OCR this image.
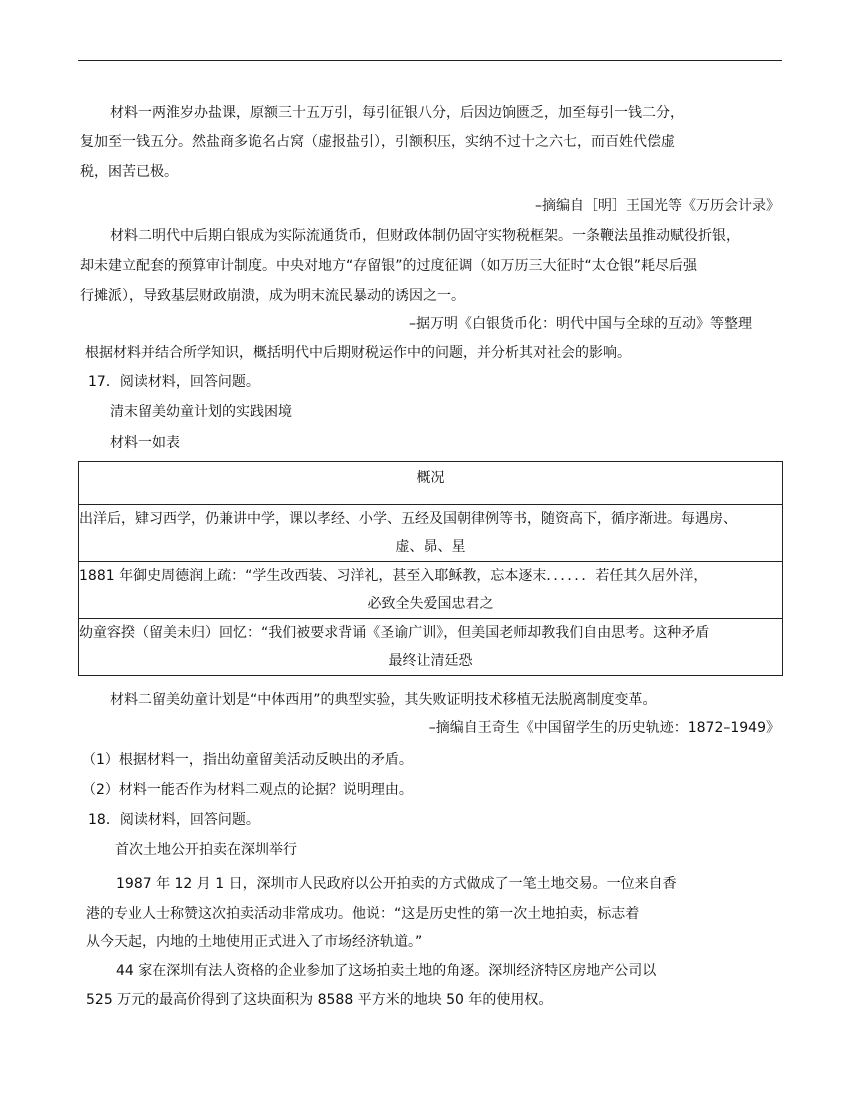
材料一两淮岁办盐课，原额三十五万引，每引征银八分，后因边饷匮乏，加至每引一钱二分，
复加至一钱五分。然盐商多诡名占窝（虚报盐引），引额积压，实纳不过十之六七，而百姓代偿虚
税，困苦已极。
–摘编自［明］王国光等《万历会计录》
材料二明代中后期白银成为实际流通货币，但财政体制仍固守实物税框架。一条鞭法虽推动赋役折银，
却未建立配套的预算审计制度。中央对地方“存留银”的过度征调（如万历三大征时“太仓银”耗尽后强
行摊派），导致基层财政崩溃，成为明末流民暴动的诱因之一。
–据万明《白银货币化：明代中国与全球的互动》等整理
根据材料并结合所学知识，概括明代中后期财税运作中的问题，并分析其对社会的影响。
17．阅读材料，回答问题。
清末留美幼童计划的实践困境
材料一如表
概况

出洋后，肄习西学，仍兼讲中学，课以孝经、小学、五经及国朝律例等书，随资高下，循序渐进。每遇房、
虚、昴、星

1881 年御史周德润上疏：“学生改西装、习洋礼，甚至入耶稣教，忘本逐末．．．．．．若任其久居外洋，
必致全失爱国忠君之

幼童容揆（留美未归）回忆：“我们被要求背诵《圣谕广训》，但美国老师却教我们自由思考。这种矛盾
最终让清廷恐
材料二留美幼童计划是“中体西用”的典型实验，其失败证明技术移植无法脱离制度变革。
–摘编自王奇生《中国留学生的历史轨迹：1872–1949》
（1）根据材料一，指出幼童留美活动反映出的矛盾。
（2）材料一能否作为材料二观点的论据？说明理由。
18．阅读材料，回答问题。
首次土地公开拍卖在深圳举行
1987 年 12 月 1 日，深圳市人民政府以公开拍卖的方式做成了一笔土地交易。一位来自香
港的专业人士称赞这次拍卖活动非常成功。他说：“这是历史性的第一次土地拍卖，标志着
从今天起，内地的土地使用正式进入了市场经济轨道。”
44 家在深圳有法人资格的企业参加了这场拍卖土地的角逐。深圳经济特区房地产公司以
525 万元的最高价得到了这块面积为 8588 平方米的地块 50 年的使用权。
